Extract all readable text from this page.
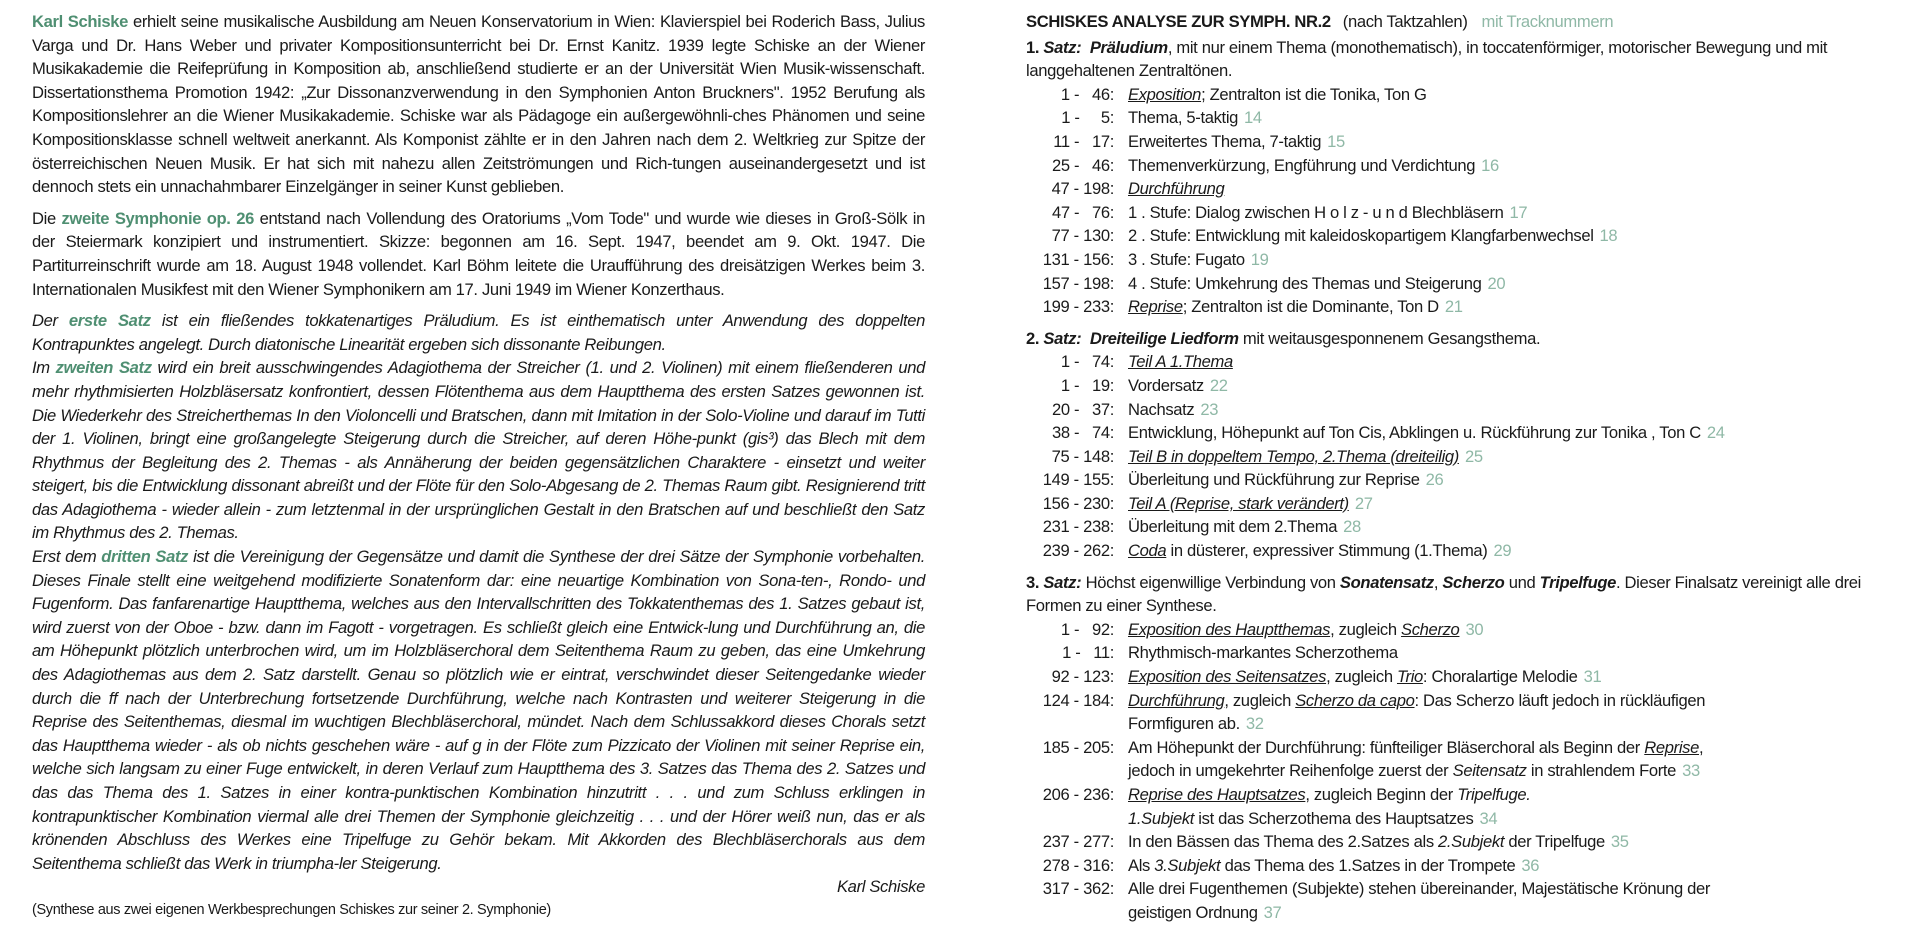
Karl Schiske erhielt seine musikalische Ausbildung am Neuen Konservatorium in Wien: Klavierspiel bei Roderich Bass, Julius Varga und Dr. Hans Weber und privater Kompositionsunterricht bei Dr. Ernst Kanitz. 1939 legte Schiske an der Wiener Musikakademie die Reifeprüfung in Komposition ab, anschließend studierte er an der Universität Wien Musik-wissenschaft. Dissertationsthema Promotion 1942: „Zur Dissonanzverwendung in den Symphonien Anton Bruckners". 1952 Berufung als Kompositionslehrer an die Wiener Musikakademie. Schiske war als Pädagoge ein außergewöhnli-ches Phänomen und seine Kompositionsklasse schnell weltweit anerkannt. Als Komponist zählte er in den Jahren nach dem 2. Weltkrieg zur Spitze der österreichischen Neuen Musik. Er hat sich mit nahezu allen Zeitströmungen und Rich-tungen auseinandergesetzt und ist dennoch stets ein unnachahmbarer Einzelgänger in seiner Kunst geblieben.

Die zweite Symphonie op. 26 entstand nach Vollendung des Oratoriums „Vom Tode" und wurde wie dieses in Groß-Sölk in der Steiermark konzipiert und instrumentiert. Skizze: begonnen am 16. Sept. 1947, beendet am 9. Okt. 1947. Die Partiturreinschrift wurde am 18. August 1948 vollendet. Karl Böhm leitete die Uraufführung des dreisätzigen Werkes beim 3. Internationalen Musikfest mit den Wiener Symphonikern am 17. Juni 1949 im Wiener Konzerthaus.

Der erste Satz ist ein fließendes tokkatenartiges Präludium. Es ist einthematisch unter Anwendung des doppelten Kontrapunktes angelegt. Durch diatonische Linearität ergeben sich dissonante Reibungen.

Im zweiten Satz wird ein breit ausschwingendes Adagiothema der Streicher (1. und 2. Violinen) mit einem fließenderen und mehr rhythmisierten Holzbläsersatz konfrontiert, dessen Flötenthema aus dem Hauptthema des ersten Satzes gewonnen ist. Die Wiederkehr des Streicherthemas In den Violoncelli und Bratschen, dann mit Imitation in der Solo-Violine und darauf im Tutti der 1. Violinen, bringt eine großangelegte Steigerung durch die Streicher, auf deren Höhe-punkt (gis³) das Blech mit dem Rhythmus der Begleitung des 2. Themas - als Annäherung der beiden gegensätzlichen Charaktere - einsetzt und weiter steigert, bis die Entwicklung dissonant abreißt und der Flöte für den Solo-Abgesang de 2. Themas Raum gibt. Resignierend tritt das Adagiothema - wieder allein - zum letztenmal in der ursprünglichen Gestalt in den Bratschen auf und beschließt den Satz im Rhythmus des 2. Themas.

Erst dem dritten Satz ist die Vereinigung der Gegensätze und damit die Synthese der drei Sätze der Symphonie vorbehalten. Dieses Finale stellt eine weitgehend modifizierte Sonatenform dar: eine neuartige Kombination von Sona-ten-, Rondo- und Fugenform. Das fanfarenartige Hauptthema, welches aus den Intervallschritten des Tokkatenthemas des 1. Satzes gebaut ist, wird zuerst von der Oboe - bzw. dann im Fagott - vorgetragen. Es schließt gleich eine Entwick-lung und Durchführung an, die am Höhepunkt plötzlich unterbrochen wird, um im Holzbläserchoral dem Seitenthema Raum zu geben, das eine Umkehrung des Adagiothemas aus dem 2. Satz darstellt. Genau so plötzlich wie er eintrat, verschwindet dieser Seitengedanke wieder durch die ff nach der Unterbrechung fortsetzende Durchführung, welche nach Kontrasten und weiterer Steigerung in die Reprise des Seitenthemas, diesmal im wuchtigen Blechbläserchoral, mündet. Nach dem Schlussakkord dieses Chorals setzt das Hauptthema wieder - als ob nichts geschehen wäre - auf g in der Flöte zum Pizzicato der Violinen mit seiner Reprise ein, welche sich langsam zu einer Fuge entwickelt, in deren Verlauf zum Hauptthema des 3. Satzes das Thema des 2. Satzes und das das Thema des 1. Satzes in einer kontra-punktischen Kombination hinzutritt . . . und zum Schluss erklingen in kontrapunktischer Kombination viermal alle drei Themen der Symphonie gleichzeitig . . . und der Hörer weiß nun, das er als krönenden Abschluss des Werkes eine Tripelfuge zu Gehör bekam. Mit Akkorden des Blechbläserchorals aus dem Seitenthema schließt das Werk in triumpha-ler Steigerung.

Karl Schiske

(Synthese aus zwei eigenen Werkbesprechungen Schiskes zur seiner 2. Symphonie)

SCHISKES ANALYSE ZUR SYMPH. NR.2 (nach Taktzahlen) mit Tracknummern

1. Satz: Präludium, mit nur einem Thema (monothematisch), in toccatenförmiger, motorischer Bewegung und mit langgehaltenen Zentraltönen.

1 -   46: Exposition; Zentralton ist die Tonika, Ton G
1 -     5: Thema, 5-taktig 14
11 -   17: Erweitertes Thema, 7-taktig 15
25 -   46: Themenverkürzung, Engführung und Verdichtung 16
47 - 198: Durchführung
47 -   76: 1 . Stufe: Dialog zwischen H o l z - u n d Blechbläsern 17
77 - 130: 2 . Stufe: Entwicklung mit kaleidoskopartigem Klangfarbenwechsel 18
131 - 156: 3 . Stufe: Fugato 19
157 - 198: 4 . Stufe: Umkehrung des Themas und Steigerung 20
199 - 233: Reprise; Zentralton ist die Dominante, Ton D 21

2. Satz: Dreiteilige Liedform mit weitausgesponnenem Gesangsthema.

1 -   74: Teil A 1.Thema
1 -   19: Vordersatz 22
20 -   37: Nachsatz 23
38 -   74: Entwicklung, Höhepunkt auf Ton Cis, Abklingen u. Rückführung zur Tonika , Ton C 24
75 - 148: Teil B in doppeltem Tempo, 2.Thema (dreiteilig) 25
149 - 155: Überleitung und Rückführung zur Reprise 26
156 - 230: Teil A (Reprise, stark verändert) 27
231 - 238: Überleitung mit dem 2.Thema 28
239 - 262: Coda in düsterer, expressiver Stimmung (1.Thema) 29

3. Satz: Höchst eigenwillige Verbindung von Sonatensatz, Scherzo und Tripelfuge. Dieser Finalsatz vereinigt alle drei Formen zu einer Synthese.

1 -   92: Exposition des Hauptthemas, zugleich Scherzo 30
1 -   11: Rhythmisch-markantes Scherzothema
92 - 123: Exposition des Seitensatzes, zugleich Trio: Choralartige Melodie 31
124 - 184: Durchführung, zugleich Scherzo da capo: Das Scherzo läuft jedoch in rückläufigen
Formfiguren ab. 32
185 - 205: Am Höhepunkt der Durchführung: fünfteiliger Bläserchoral als Beginn der Reprise,
jedoch in umgekehrter Reihenfolge zuerst der Seitensatz in strahlendem Forte 33
206 - 236: Reprise des Hauptsatzes, zugleich Beginn der Tripelfuge.
1.Subjekt ist das Scherzothema des Hauptsatzes 34
237 - 277: In den Bässen das Thema des 2.Satzes als 2.Subjekt der Tripelfuge 35
278 - 316: Als 3.Subjekt das Thema des 1.Satzes in der Trompete 36
317 - 362: Alle drei Fugenthemen (Subjekte) stehen übereinander, Majestätische Krönung der
geistigen Ordnung 37
